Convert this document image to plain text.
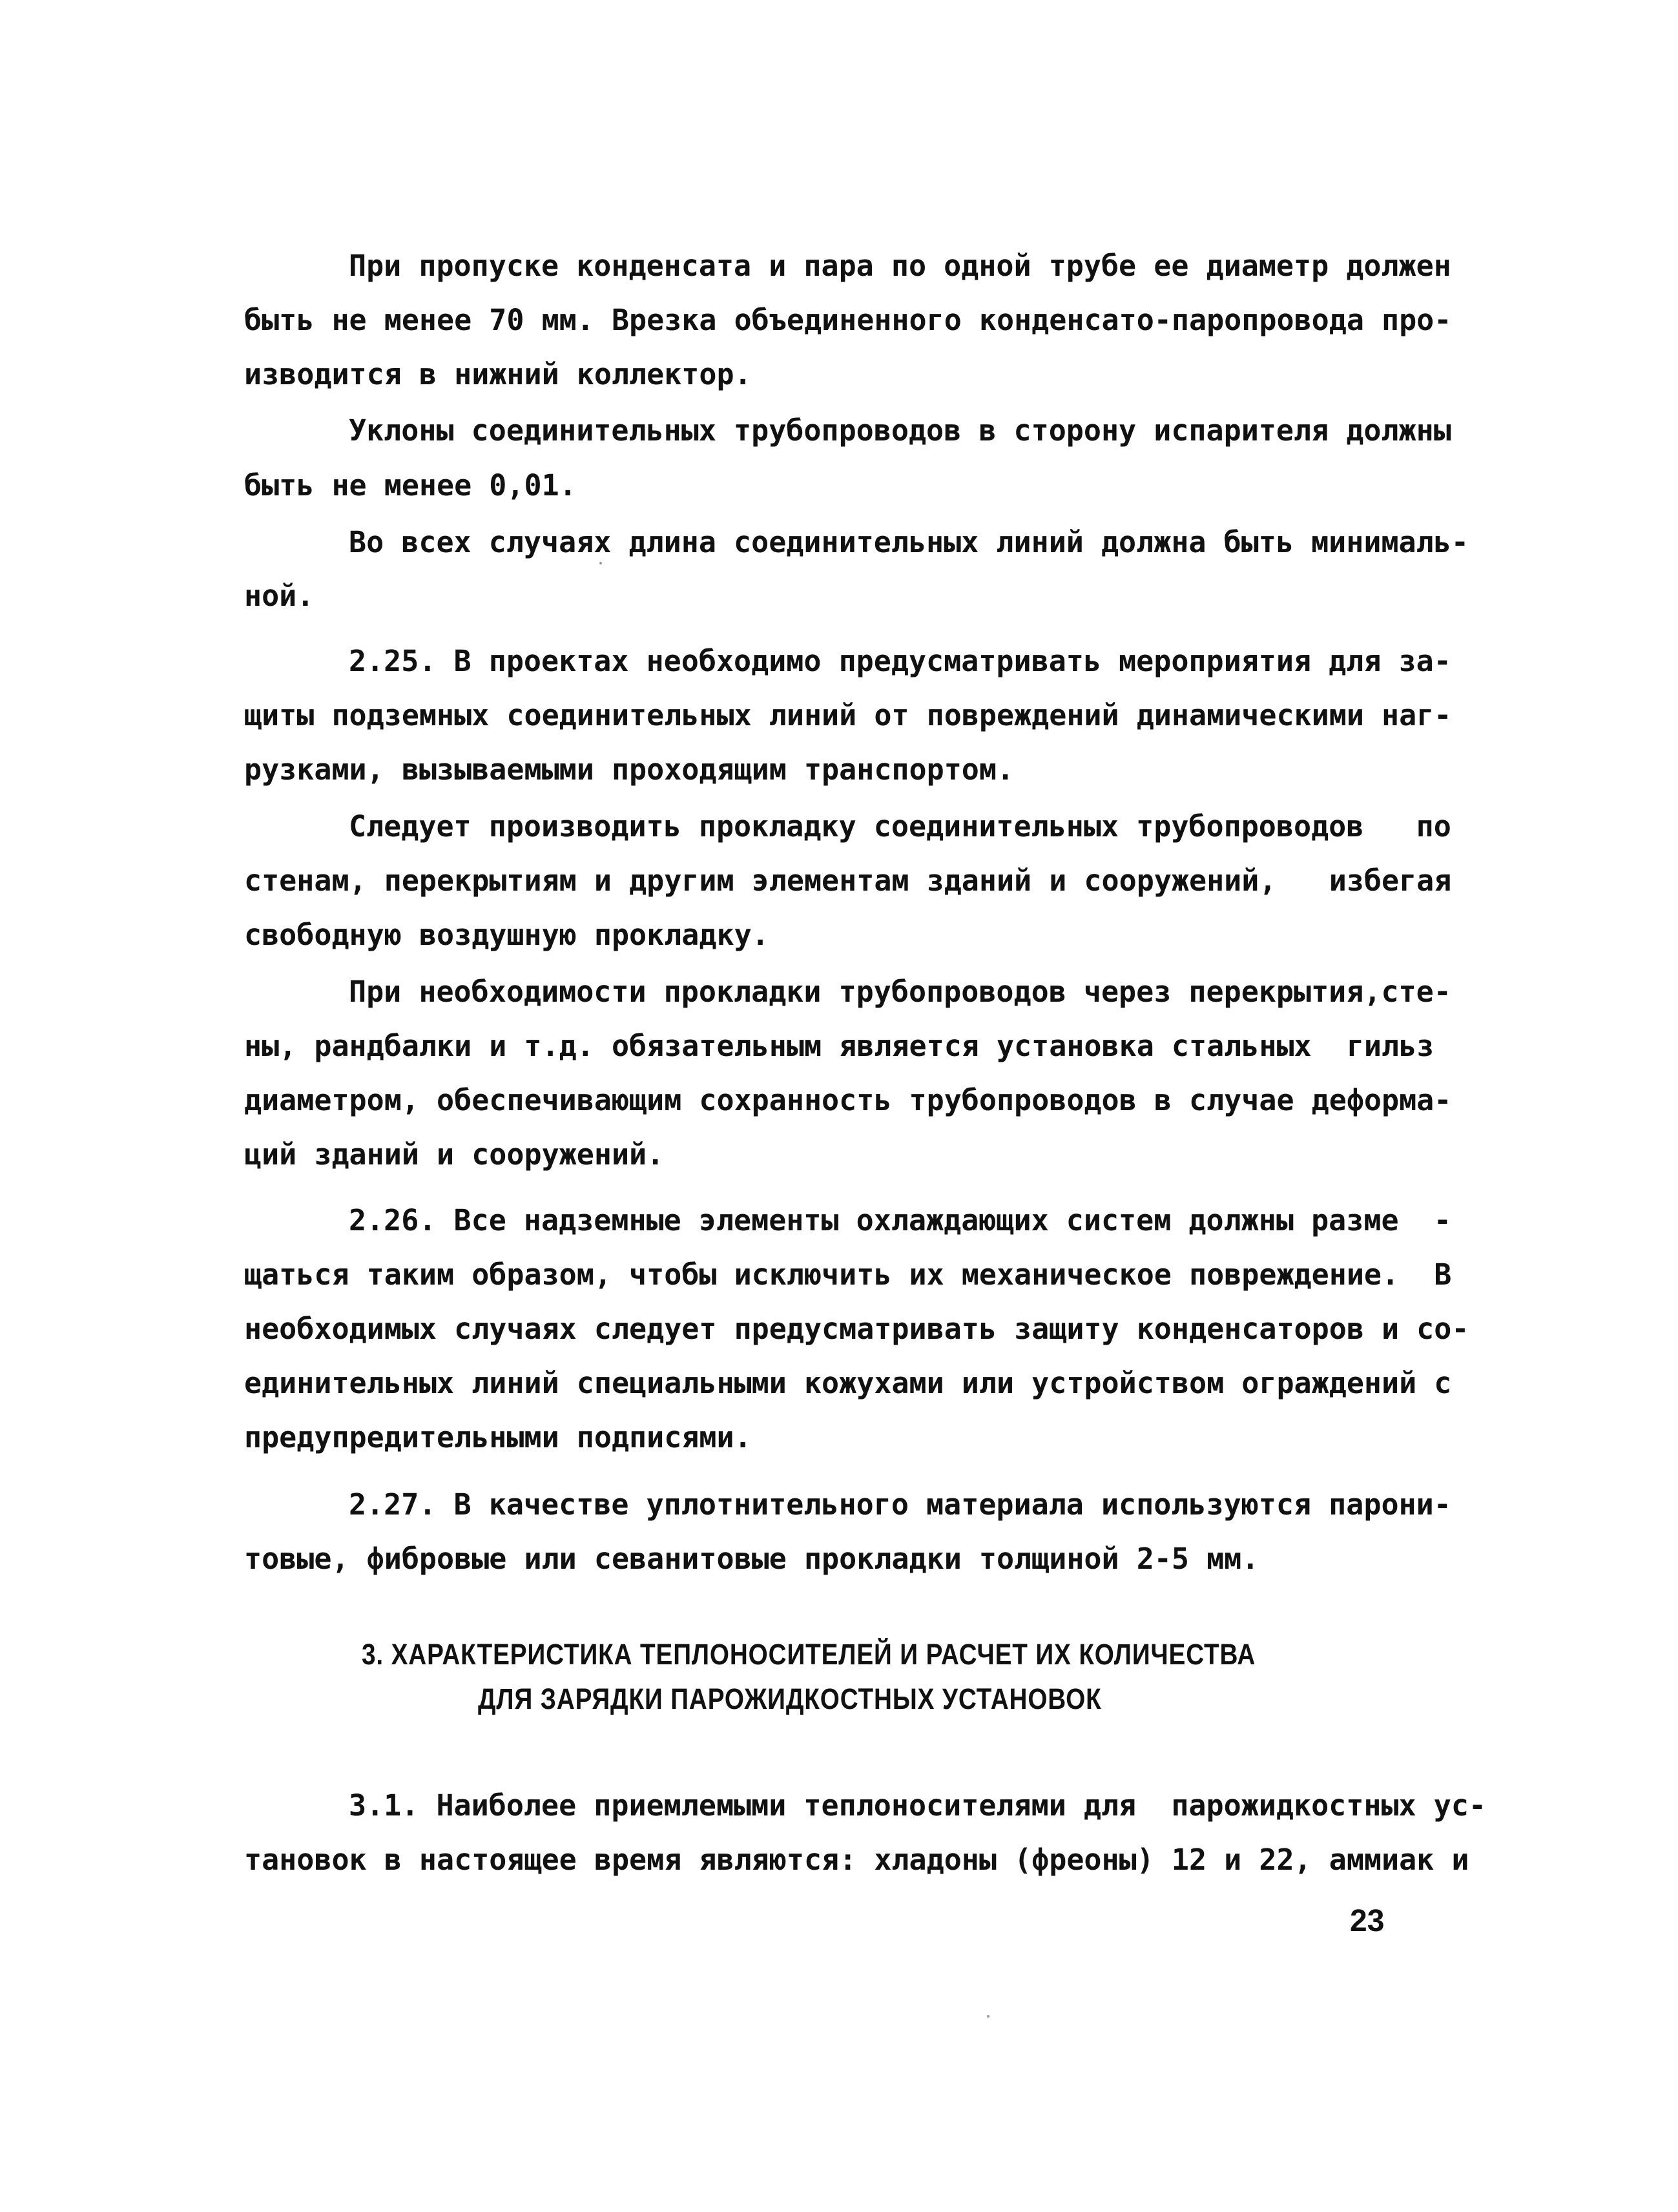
При пропуске конденсата и пара по одной трубе ее диаметр должен
быть не менее 70 мм. Врезка объединенного конденсато-паропровода про-
изводится в нижний коллектор.
Уклоны соединительных трубопроводов в сторону испарителя должны
быть не менее 0,01.
Во всех случаях длина соединительных линий должна быть минималь-
ной.
2.25. В проектах необходимо предусматривать мероприятия для за-
щиты подземных соединительных линий от повреждений динамическими наг-
рузками, вызываемыми проходящим транспортом.
Следует производить прокладку соединительных трубопроводов   по
стенам, перекрытиям и другим элементам зданий и сооружений,   избегая
свободную воздушную прокладку.
При необходимости прокладки трубопроводов через перекрытия,сте-
ны, рандбалки и т.д. обязательным является установка стальных  гильз
диаметром, обеспечивающим сохранность трубопроводов в случае деформа-
ций зданий и сооружений.
2.26. Все надземные элементы охлаждающих систем должны разме  -
щаться таким образом, чтобы исключить их механическое повреждение.  В
необходимых случаях следует предусматривать защиту конденсаторов и со-
единительных линий специальными кожухами или устройством ограждений с
предупредительными подписями.
2.27. В качестве уплотнительного материала используются парони-
товые, фибровые или севанитовые прокладки толщиной 2-5 мм.
3. ХАРАКТЕРИСТИКА ТЕПЛОНОСИТЕЛЕЙ И РАСЧЕТ ИХ КОЛИЧЕСТВА
ДЛЯ ЗАРЯДКИ ПАРОЖИДКОСТНЫХ УСТАНОВОК
3.1. Наиболее приемлемыми теплоносителями для  парожидкостных ус-
тановок в настоящее время являются: хладоны (фреоны) 12 и 22, аммиак и
23
